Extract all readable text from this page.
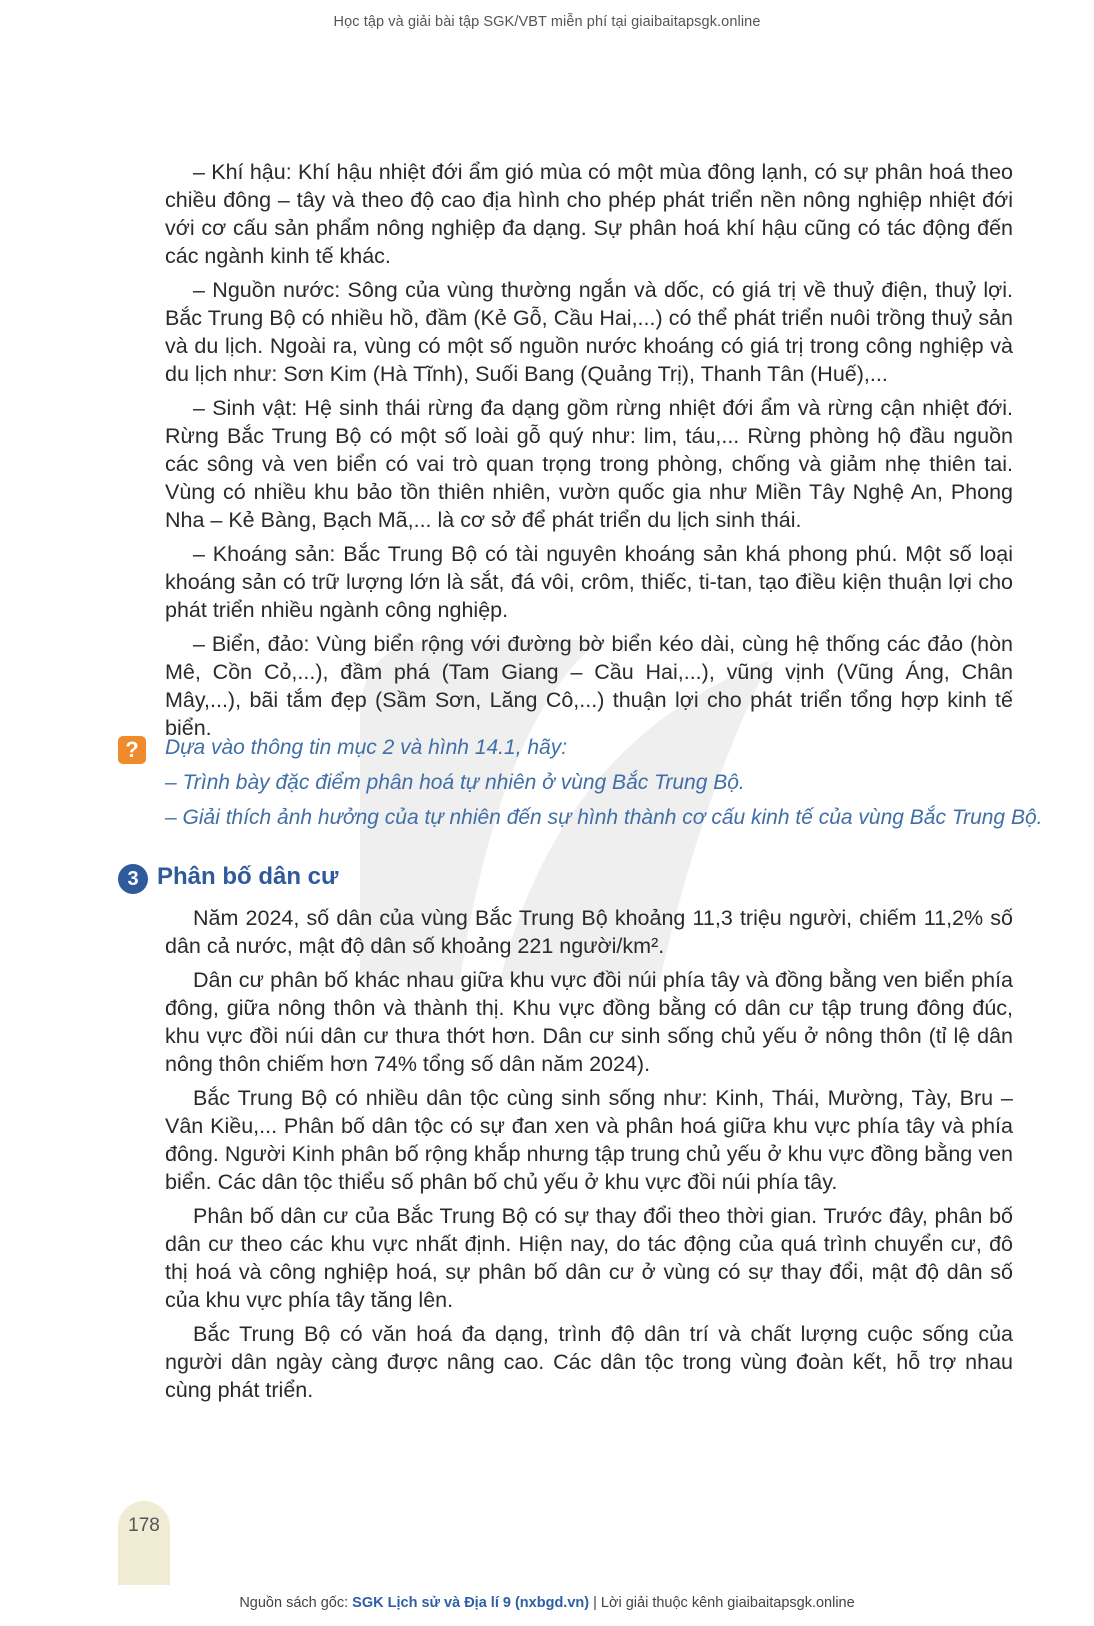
Học tập và giải bài tập SGK/VBT miễn phí tại giaibaitapsgk.online

– Khí hậu: Khí hậu nhiệt đới ẩm gió mùa có một mùa đông lạnh, có sự phân hoá theo chiều đông – tây và theo độ cao địa hình cho phép phát triển nền nông nghiệp nhiệt đới với cơ cấu sản phẩm nông nghiệp đa dạng. Sự phân hoá khí hậu cũng có tác động đến các ngành kinh tế khác.

– Nguồn nước: Sông của vùng thường ngắn và dốc, có giá trị về thuỷ điện, thuỷ lợi. Bắc Trung Bộ có nhiều hồ, đầm (Kẻ Gỗ, Cầu Hai,...) có thể phát triển nuôi trồng thuỷ sản và du lịch. Ngoài ra, vùng có một số nguồn nước khoáng có giá trị trong công nghiệp và du lịch như: Sơn Kim (Hà Tĩnh), Suối Bang (Quảng Trị), Thanh Tân (Huế),...

– Sinh vật: Hệ sinh thái rừng đa dạng gồm rừng nhiệt đới ẩm và rừng cận nhiệt đới. Rừng Bắc Trung Bộ có một số loài gỗ quý như: lim, táu,... Rừng phòng hộ đầu nguồn các sông và ven biển có vai trò quan trọng trong phòng, chống và giảm nhẹ thiên tai. Vùng có nhiều khu bảo tồn thiên nhiên, vườn quốc gia như Miền Tây Nghệ An, Phong Nha – Kẻ Bàng, Bạch Mã,... là cơ sở để phát triển du lịch sinh thái.

– Khoáng sản: Bắc Trung Bộ có tài nguyên khoáng sản khá phong phú. Một số loại khoáng sản có trữ lượng lớn là sắt, đá vôi, crôm, thiếc, ti-tan, tạo điều kiện thuận lợi cho phát triển nhiều ngành công nghiệp.

– Biển, đảo: Vùng biển rộng với đường bờ biển kéo dài, cùng hệ thống các đảo (hòn Mê, Cồn Cỏ,...), đầm phá (Tam Giang – Cầu Hai,...), vũng vịnh (Vũng Áng, Chân Mây,...), bãi tắm đẹp (Sầm Sơn, Lăng Cô,...) thuận lợi cho phát triển tổng hợp kinh tế biển.

?	Dựa vào thông tin mục 2 và hình 14.1, hãy:
– Trình bày đặc điểm phân hoá tự nhiên ở vùng Bắc Trung Bộ.
– Giải thích ảnh hưởng của tự nhiên đến sự hình thành cơ cấu kinh tế của vùng Bắc Trung Bộ.
3 Phân bố dân cư

Năm 2024, số dân của vùng Bắc Trung Bộ khoảng 11,3 triệu người, chiếm 11,2% số dân cả nước, mật độ dân số khoảng 221 người/km².

Dân cư phân bố khác nhau giữa khu vực đồi núi phía tây và đồng bằng ven biển phía đông, giữa nông thôn và thành thị. Khu vực đồng bằng có dân cư tập trung đông đúc, khu vực đồi núi dân cư thưa thớt hơn. Dân cư sinh sống chủ yếu ở nông thôn (tỉ lệ dân nông thôn chiếm hơn 74% tổng số dân năm 2024).

Bắc Trung Bộ có nhiều dân tộc cùng sinh sống như: Kinh, Thái, Mường, Tày, Bru – Vân Kiều,... Phân bố dân tộc có sự đan xen và phân hoá giữa khu vực phía tây và phía đông. Người Kinh phân bố rộng khắp nhưng tập trung chủ yếu ở khu vực đồng bằng ven biển. Các dân tộc thiểu số phân bố chủ yếu ở khu vực đồi núi phía tây.

Phân bố dân cư của Bắc Trung Bộ có sự thay đổi theo thời gian. Trước đây, phân bố dân cư theo các khu vực nhất định. Hiện nay, do tác động của quá trình chuyển cư, đô thị hoá và công nghiệp hoá, sự phân bố dân cư ở vùng có sự thay đổi, mật độ dân số của khu vực phía tây tăng lên.

Bắc Trung Bộ có văn hoá đa dạng, trình độ dân trí và chất lượng cuộc sống của người dân ngày càng được nâng cao. Các dân tộc trong vùng đoàn kết, hỗ trợ nhau cùng phát triển.

178
Nguồn sách gốc: SGK Lịch sử và Địa lí 9 (nxbgd.vn) | Lời giải thuộc kênh giaibaitapsgk.online
